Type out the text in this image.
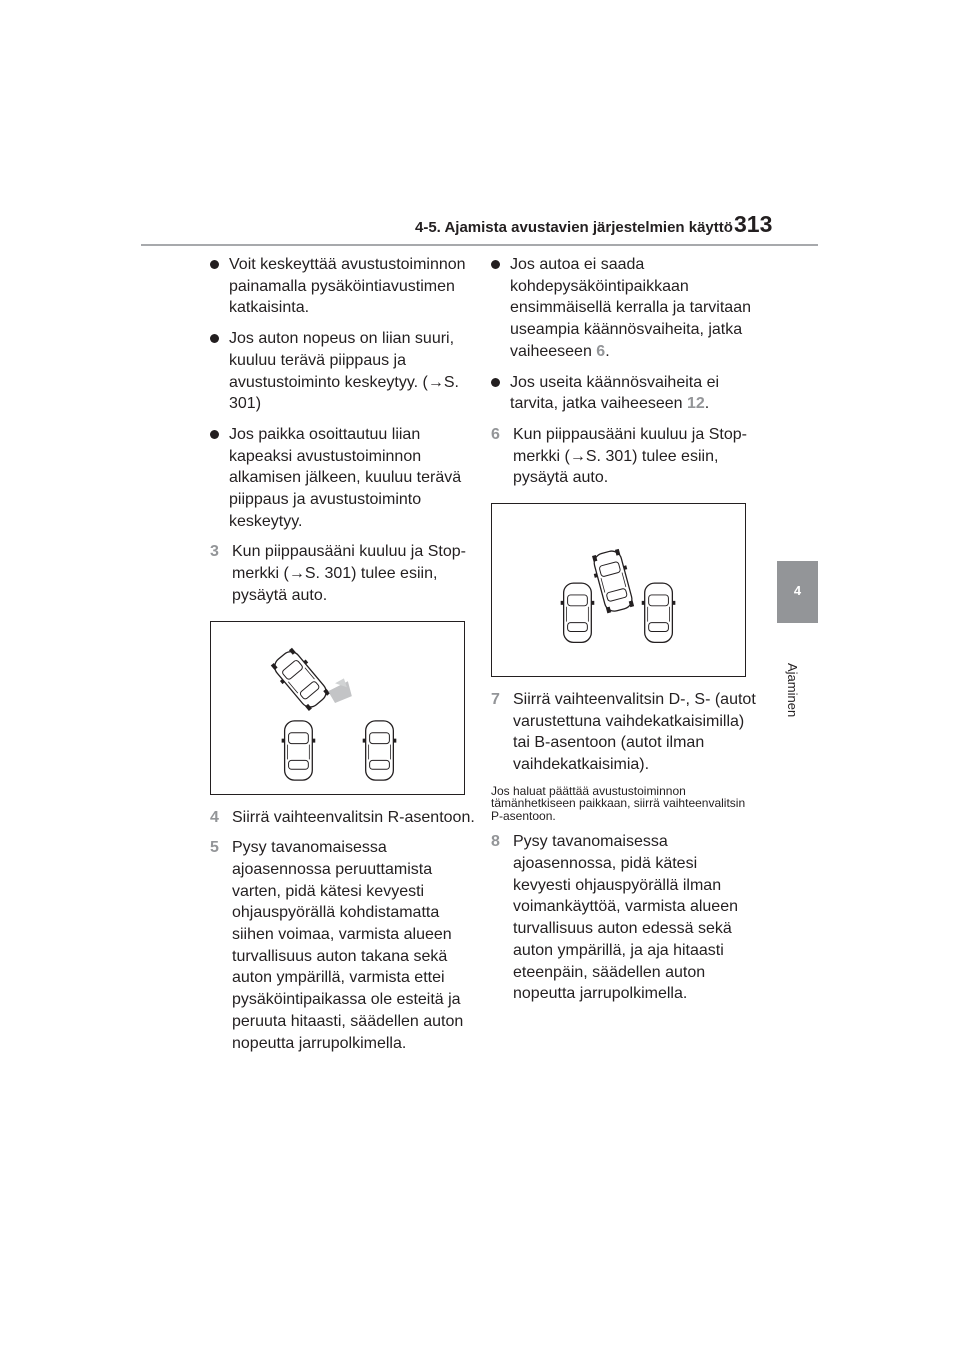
4-5. Ajamista avustavien järjestelmien käyttö 313
4
Ajaminen
Voit keskeyttää avustustoiminnon painamalla pysäköintiavustimen katkaisinta.
Jos auton nopeus on liian suuri, kuuluu terävä piippaus ja avustustoiminto keskeytyy. (→S. 301)
Jos paikka osoittautuu liian kapeaksi avustustoiminnon alkamisen jälkeen, kuuluu terävä piippaus ja avustustoiminto keskeytyy.
3 Kun piippausääni kuuluu ja Stop-merkki (→S. 301) tulee esiin, pysäytä auto.
4 Siirrä vaihteenvalitsin R-asentoon.
5 Pysy tavanomaisessa ajoasennossa peruuttamista varten, pidä kätesi kevyesti ohjauspyörällä kohdistamatta siihen voimaa, varmista alueen turvallisuus auton takana sekä auton ympärillä, varmista ettei pysäköintipaikassa ole esteitä ja peruuta hitaasti, säädellen auton nopeutta jarrupolkimella.
Jos autoa ei saada kohdepysäköintipaikkaan ensimmäisellä kerralla ja tarvitaan useampia käännösvaiheita, jatka vaiheeseen 6.
Jos useita käännösvaiheita ei tarvita, jatka vaiheeseen 12.
6 Kun piippausääni kuuluu ja Stop-merkki (→S. 301) tulee esiin, pysäytä auto.
7 Siirrä vaihteenvalitsin D-, S- (autot varustettuna vaihdekatkaisimilla) tai B-asentoon (autot ilman vaihdekatkaisimia).
Jos haluat päättää avustustoiminnon tämänhetkiseen paikkaan, siirrä vaihteenvalitsin P-asentoon.
8 Pysy tavanomaisessa ajoasennossa, pidä kätesi kevyesti ohjauspyörällä ilman voimankäyttöä, varmista alueen turvallisuus auton edessä sekä auton ympärillä, ja aja hitaasti eteenpäin, säädellen auton nopeutta jarrupolkimella.
